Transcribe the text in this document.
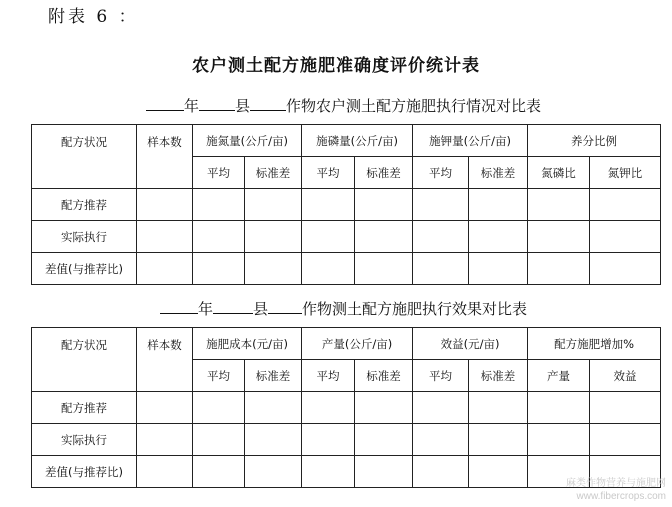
附表 6 ：
农户测土配方施肥准确度评价统计表
年 县 作物农户测土配方施肥执行情况对比表
配方状况	样本数	施氮量(公斤/亩)		施磷量(公斤/亩)		施钾量(公斤/亩)		养分比例	
		平均	标准差	平均	标准差	平均	标准差	氮磷比	氮钾比
配方推荐									
实际执行									
差值(与推荐比)									
年	县 作物测土配方施肥执行效果对比表
配方状况	样本数	施肥成本(元/亩)		产量(公斤/亩)		效益(元/亩)		配方施肥增加%	
		平均	标准差	平均	标准差	平均	标准差	产量	效益
配方推荐									
实际执行									
差值(与推荐比)									
麻类作物营养与施肥网
www.fibercrops.com
